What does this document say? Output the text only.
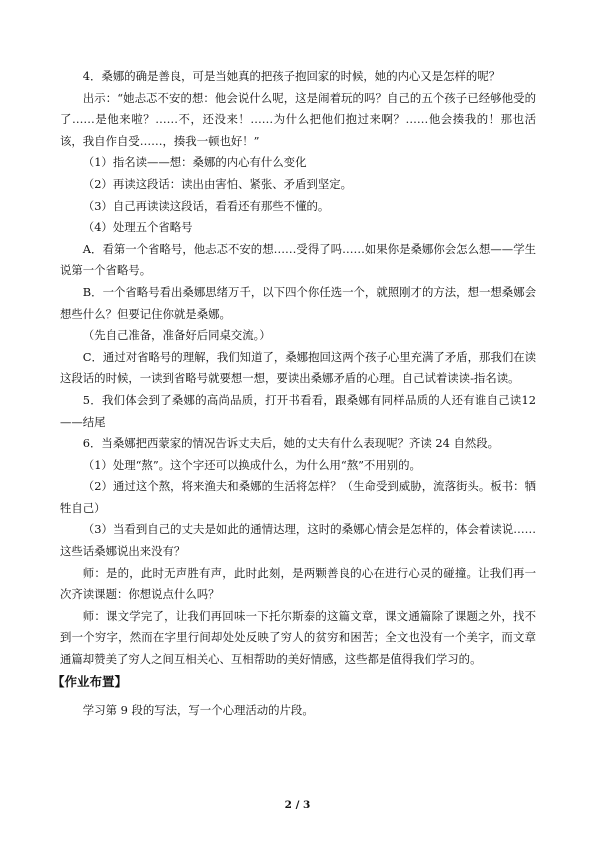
4．桑娜的确是善良，可是当她真的把孩子抱回家的时候，她的内心又是怎样的呢？

出示：“她忐忑不安的想：他会说什么呢，这是闹着玩的吗？自己的五个孩子已经够他受的了……是他来啦？……不，还没来！……为什么把他们抱过来啊？……他会揍我的！那也活该，我自作自受……，揍我一顿也好！”

（1）指名读——想：桑娜的内心有什么变化

（2）再读这段话：读出由害怕、紧张、矛盾到坚定。

（3）自己再读读这段话，看看还有那些不懂的。

（4）处理五个省略号

A．看第一个省略号，他忐忑不安的想……受得了吗……如果你是桑娜你会怎么想——学生说第一个省略号。

B．一个省略号看出桑娜思绪万千，以下四个你任选一个，就照刚才的方法，想一想桑娜会想些什么？但要记住你就是桑娜。

（先自己准备，准备好后同桌交流。）

C．通过对省略号的理解，我们知道了，桑娜抱回这两个孩子心里充满了矛盾，那我们在读这段话的时候，一读到省略号就要想一想，要读出桑娜矛盾的心理。自己试着读读-指名读。

5．我们体会到了桑娜的高尚品质，打开书看看，跟桑娜有同样品质的人还有谁自己读12——结尾

6．当桑娜把西蒙家的情况告诉丈夫后，她的丈夫有什么表现呢？齐读 24 自然段。

（1）处理“熬”。这个字还可以换成什么，为什么用“熬”不用别的。

（2）通过这个熬，将来渔夫和桑娜的生活将怎样？（生命受到威胁，流落街头。板书：牺牲自己）

（3）当看到自己的丈夫是如此的通情达理，这时的桑娜心情会是怎样的，体会着读说……这些话桑娜说出来没有？

师：是的，此时无声胜有声，此时此刻，是两颗善良的心在进行心灵的碰撞。让我们再一次齐读课题：你想说点什么吗？

师：课文学完了，让我们再回味一下托尔斯泰的这篇文章，课文通篇除了课题之外，找不到一个穷字，然而在字里行间却处处反映了穷人的贫穷和困苦；全文也没有一个美字，而文章通篇却赞美了穷人之间互相关心、互相帮助的美好情感，这些都是值得我们学习的。

【作业布置】

学习第 9 段的写法，写一个心理活动的片段。

2 / 3
